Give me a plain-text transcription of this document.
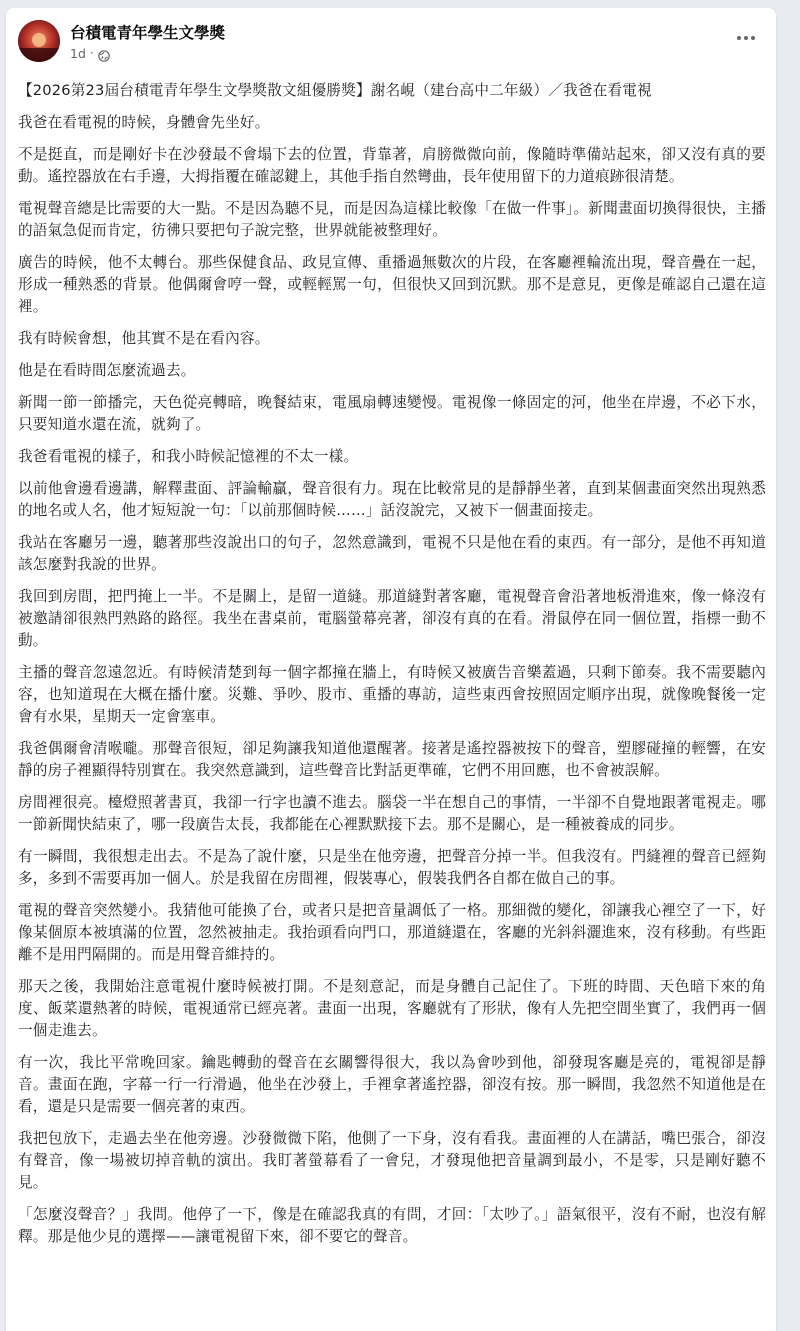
台積電青年學生文學獎
1d ·

【2026第23屆台積電青年學生文學獎散文組優勝獎】謝名峴（建台高中二年級）／我爸在看電視

我爸在看電視的時候，身體會先坐好。

不是挺直，而是剛好卡在沙發最不會塌下去的位置，背靠著，肩膀微微向前，像隨時準備站起來，卻又沒有真的要動。遙控器放在右手邊，大拇指覆在確認鍵上，其他手指自然彎曲，長年使用留下的力道痕跡很清楚。

電視聲音總是比需要的大一點。不是因為聽不見，而是因為這樣比較像「在做一件事」。新聞畫面切換得很快，主播的語氣急促而肯定，彷彿只要把句子說完整，世界就能被整理好。

廣告的時候，他不太轉台。那些保健食品、政見宣傳、重播過無數次的片段，在客廳裡輪流出現，聲音疊在一起，形成一種熟悉的背景。他偶爾會哼一聲，或輕輕罵一句，但很快又回到沉默。那不是意見，更像是確認自己還在這裡。

我有時候會想，他其實不是在看內容。

他是在看時間怎麼流過去。

新聞一節一節播完，天色從亮轉暗，晚餐結束，電風扇轉速變慢。電視像一條固定的河，他坐在岸邊，不必下水，只要知道水還在流，就夠了。

我爸看電視的樣子，和我小時候記憶裡的不太一樣。

以前他會邊看邊講，解釋畫面、評論輸贏，聲音很有力。現在比較常見的是靜靜坐著，直到某個畫面突然出現熟悉的地名或人名，他才短短說一句：「以前那個時候……」話沒說完，又被下一個畫面接走。

我站在客廳另一邊，聽著那些沒說出口的句子，忽然意識到，電視不只是他在看的東西。有一部分，是他不再知道該怎麼對我說的世界。

我回到房間，把門掩上一半。不是關上，是留一道縫。那道縫對著客廳，電視聲音會沿著地板滑進來，像一條沒有被邀請卻很熟門熟路的路徑。我坐在書桌前，電腦螢幕亮著，卻沒有真的在看。滑鼠停在同一個位置，指標一動不動。

主播的聲音忽遠忽近。有時候清楚到每一個字都撞在牆上，有時候又被廣告音樂蓋過，只剩下節奏。我不需要聽內容，也知道現在大概在播什麼。災難、爭吵、股市、重播的專訪，這些東西會按照固定順序出現，就像晚餐後一定會有水果，星期天一定會塞車。

我爸偶爾會清喉嚨。那聲音很短，卻足夠讓我知道他還醒著。接著是遙控器被按下的聲音，塑膠碰撞的輕響，在安靜的房子裡顯得特別實在。我突然意識到，這些聲音比對話更準確，它們不用回應，也不會被誤解。

房間裡很亮。檯燈照著書頁，我卻一行字也讀不進去。腦袋一半在想自己的事情，一半卻不自覺地跟著電視走。哪一節新聞快結束了，哪一段廣告太長，我都能在心裡默默接下去。那不是關心，是一種被養成的同步。

有一瞬間，我很想走出去。不是為了說什麼，只是坐在他旁邊，把聲音分掉一半。但我沒有。門縫裡的聲音已經夠多，多到不需要再加一個人。於是我留在房間裡，假裝專心，假裝我們各自都在做自己的事。

電視的聲音突然變小。我猜他可能換了台，或者只是把音量調低了一格。那細微的變化，卻讓我心裡空了一下，好像某個原本被填滿的位置，忽然被抽走。我抬頭看向門口，那道縫還在，客廳的光斜斜灑進來，沒有移動。有些距離不是用門隔開的。而是用聲音維持的。

那天之後，我開始注意電視什麼時候被打開。不是刻意記，而是身體自己記住了。下班的時間、天色暗下來的角度、飯菜還熱著的時候，電視通常已經亮著。畫面一出現，客廳就有了形狀，像有人先把空間坐實了，我們再一個一個走進去。

有一次，我比平常晚回家。鑰匙轉動的聲音在玄關響得很大，我以為會吵到他，卻發現客廳是亮的，電視卻是靜音。畫面在跑，字幕一行一行滑過，他坐在沙發上，手裡拿著遙控器，卻沒有按。那一瞬間，我忽然不知道他是在看，還是只是需要一個亮著的東西。

我把包放下，走過去坐在他旁邊。沙發微微下陷，他側了一下身，沒有看我。畫面裡的人在講話，嘴巴張合，卻沒有聲音，像一場被切掉音軌的演出。我盯著螢幕看了一會兒，才發現他把音量調到最小，不是零，只是剛好聽不見。

「怎麼沒聲音？」我問。他停了一下，像是在確認我真的有問，才回：「太吵了。」語氣很平，沒有不耐，也沒有解釋。那是他少見的選擇——讓電視留下來，卻不要它的聲音。
